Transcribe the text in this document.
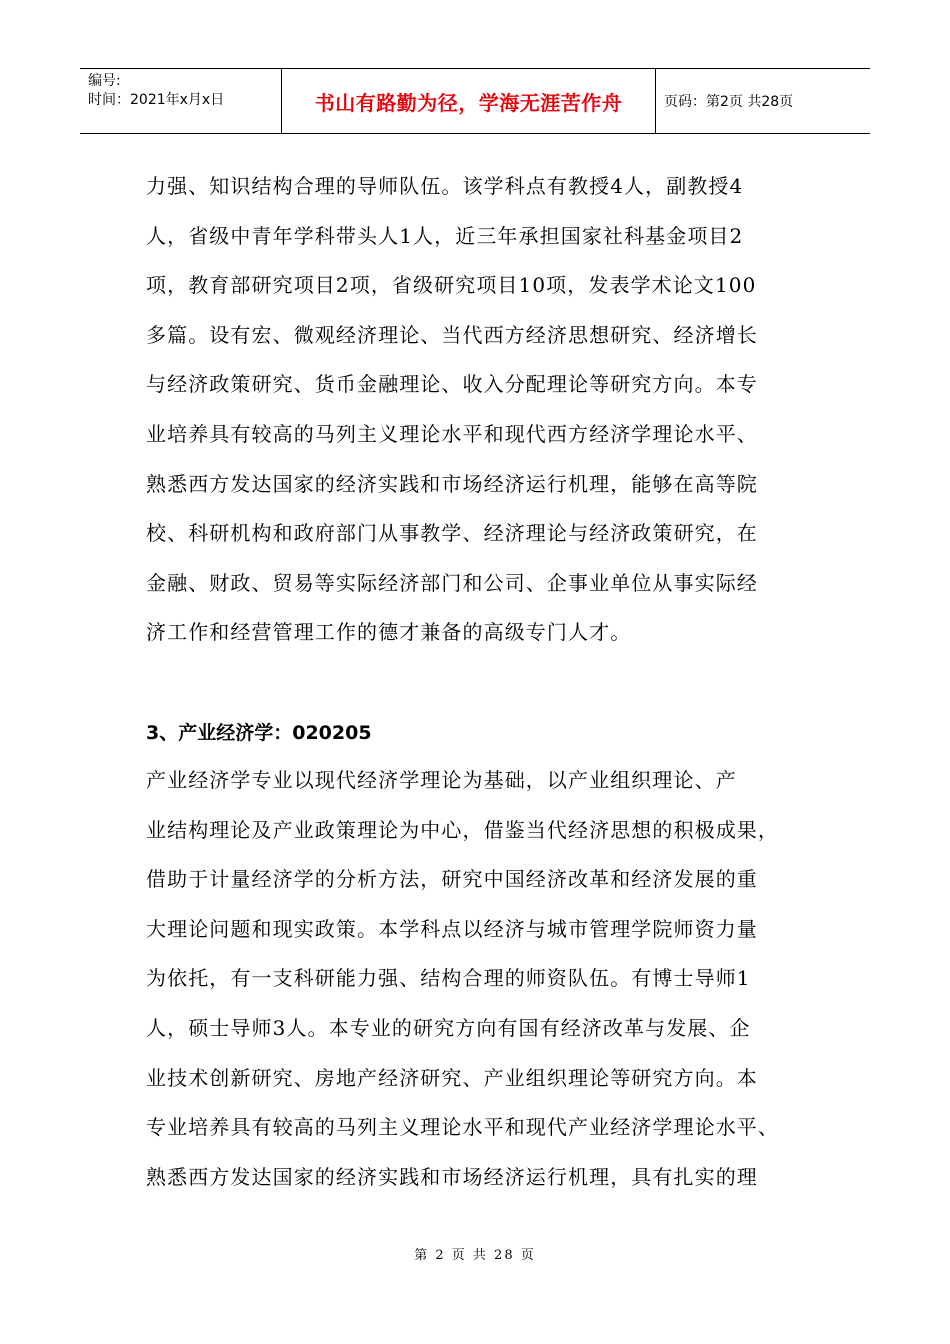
编号:
时间：2021年x月x日	书山有路勤为径，学海无涯苦作舟	页码：第2页 共28页
力强、知识结构合理的导师队伍。该学科点有教授4人，副教授4
人，省级中青年学科带头人1人，近三年承担国家社科基金项目2
项，教育部研究项目2项，省级研究项目10项，发表学术论文100
多篇。设有宏、微观经济理论、当代西方经济思想研究、经济增长
与经济政策研究、货币金融理论、收入分配理论等研究方向。本专
业培养具有较高的马列主义理论水平和现代西方经济学理论水平、
熟悉西方发达国家的经济实践和市场经济运行机理，能够在高等院
校、科研机构和政府部门从事教学、经济理论与经济政策研究，在
金融、财政、贸易等实际经济部门和公司、企事业单位从事实际经
济工作和经营管理工作的德才兼备的高级专门人才。
3、产业经济学：020205
产业经济学专业以现代经济学理论为基础，以产业组织理论、产
业结构理论及产业政策理论为中心，借鉴当代经济思想的积极成果，
借助于计量经济学的分析方法，研究中国经济改革和经济发展的重
大理论问题和现实政策。本学科点以经济与城市管理学院师资力量
为依托，有一支科研能力强、结构合理的师资队伍。有博士导师1
人，硕士导师3人。本专业的研究方向有国有经济改革与发展、企
业技术创新研究、房地产经济研究、产业组织理论等研究方向。本
专业培养具有较高的马列主义理论水平和现代产业经济学理论水平、
熟悉西方发达国家的经济实践和市场经济运行机理，具有扎实的理
第 2 页 共 28 页
